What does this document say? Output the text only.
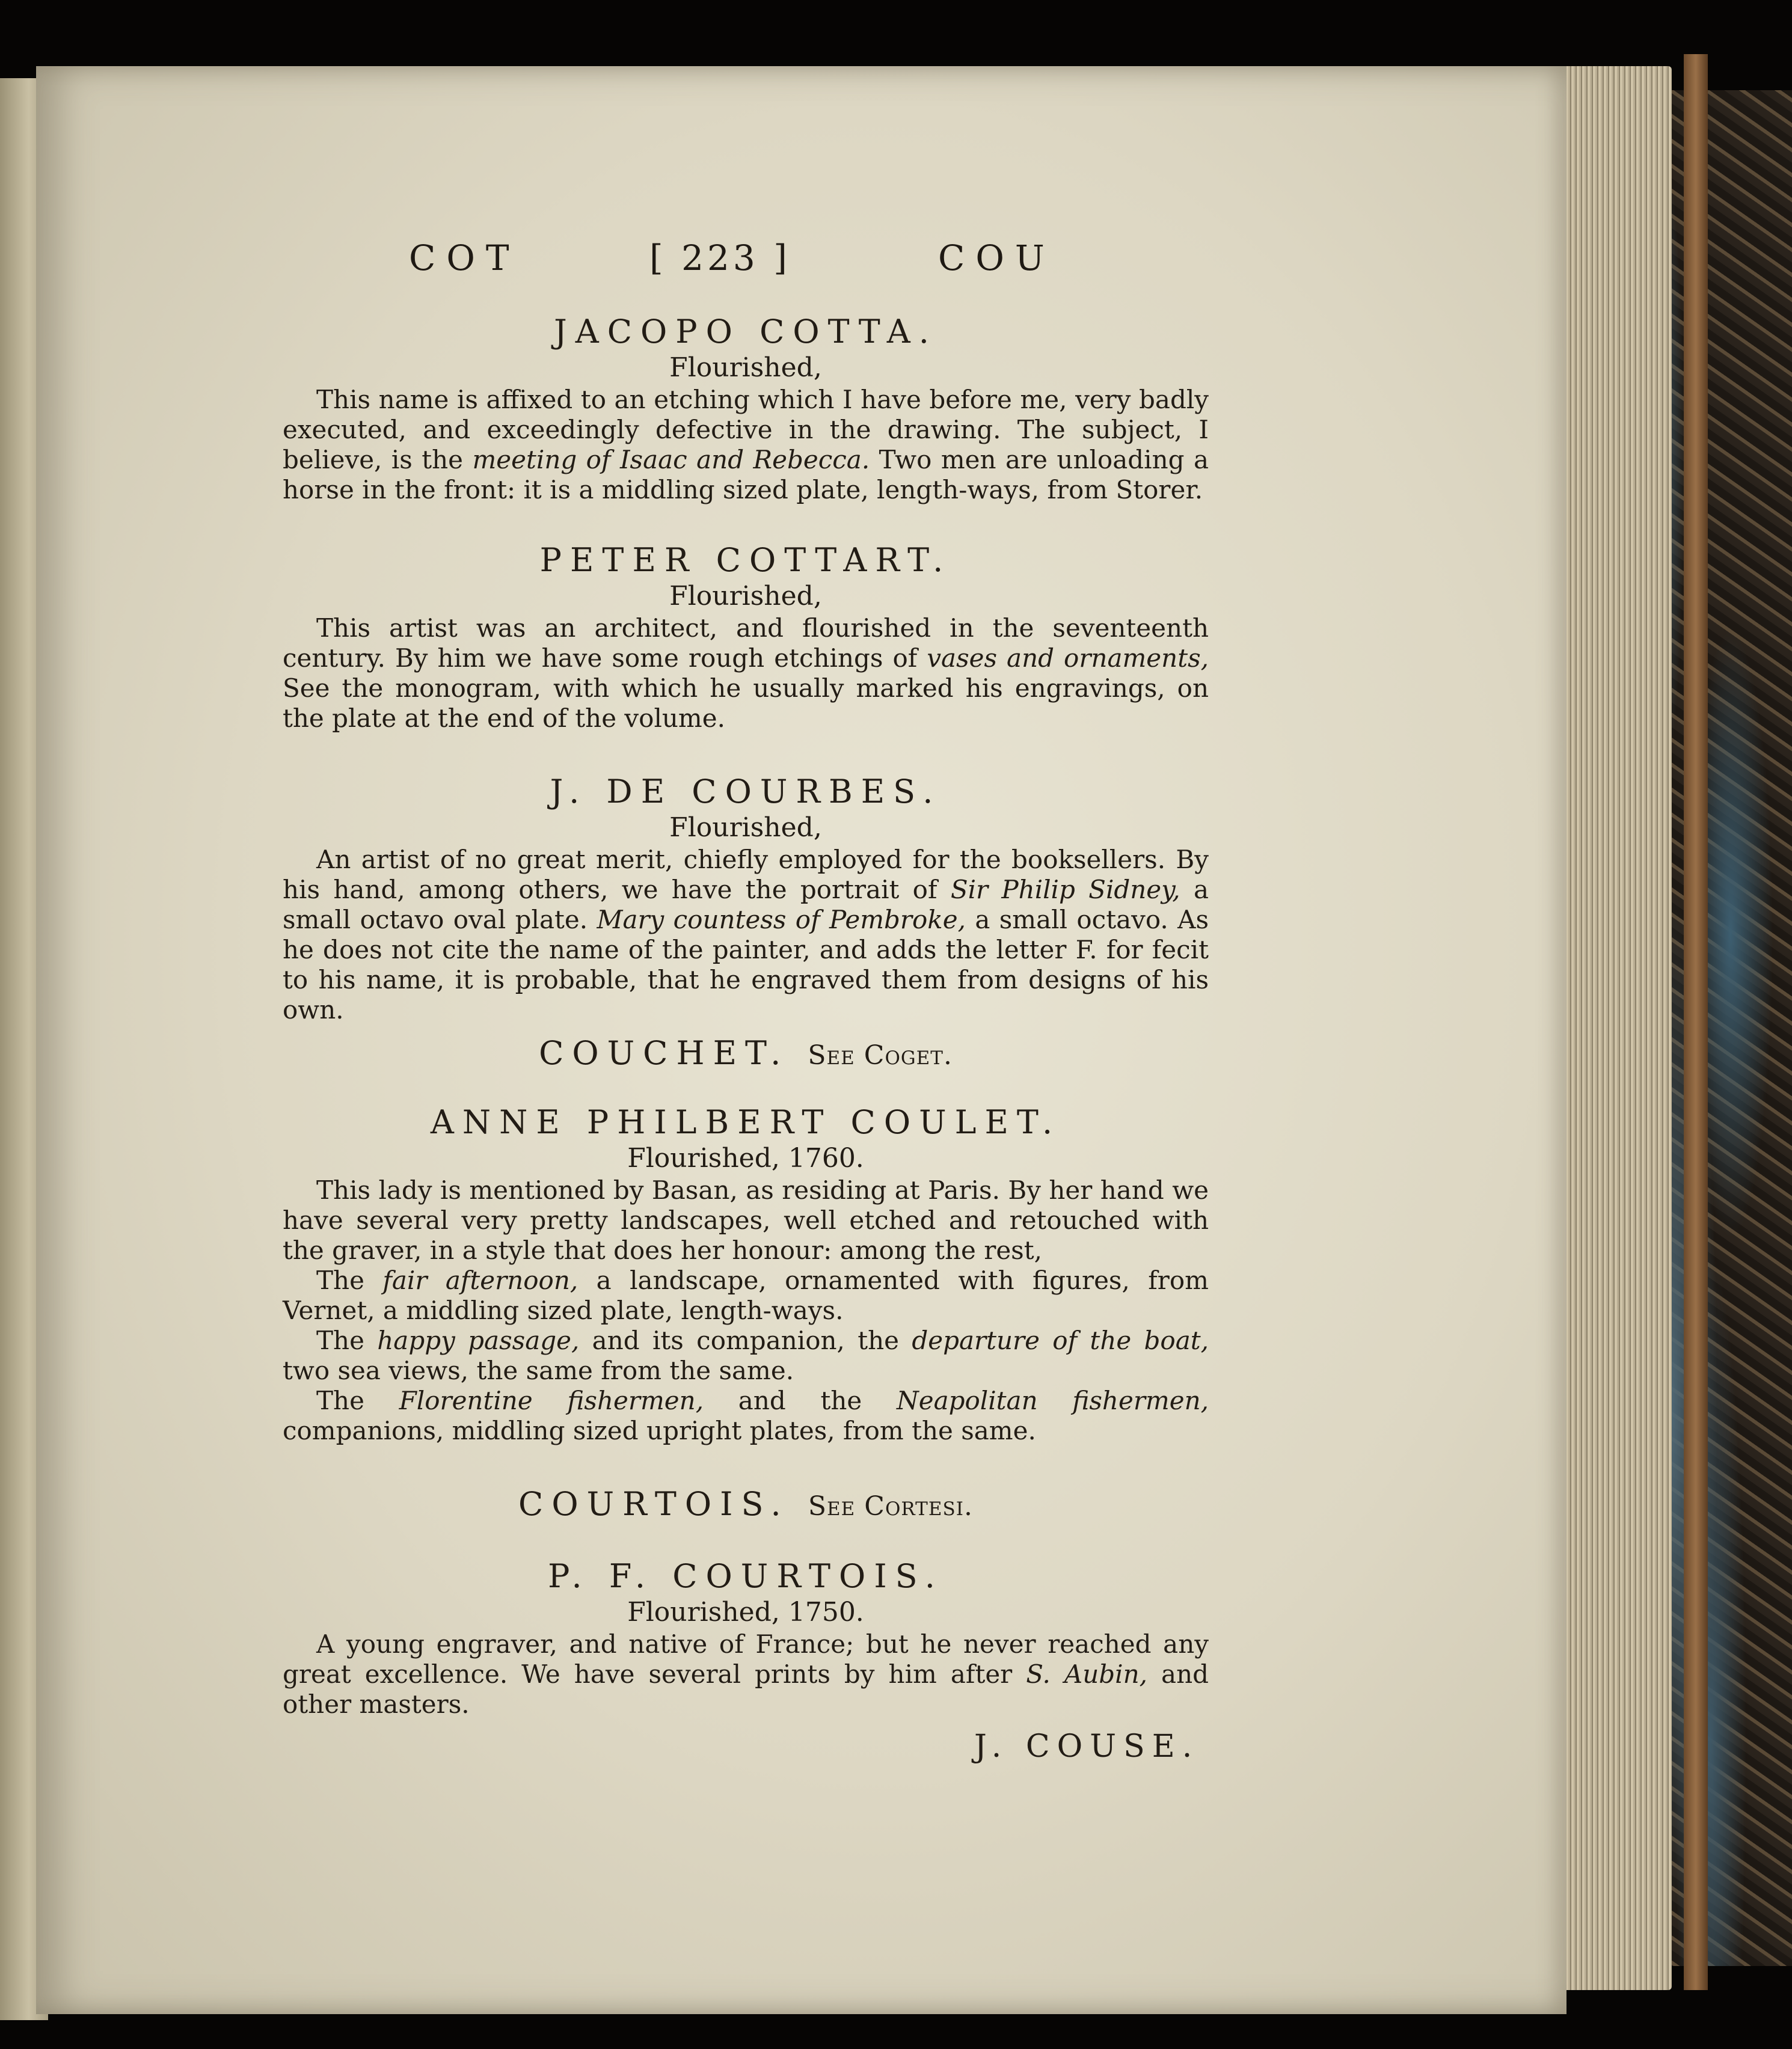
COT	[ 223 ]	COU

JACOPO COTTA.

Flourished,

This name is affixed to an etching which I have before me, very badly executed, and exceedingly defective in the drawing. The subject, I believe, is the meeting of Isaac and Rebecca. Two men are unloading a horse in the front: it is a middling sized plate, length-ways, from Storer.

PETER COTTART.

Flourished,

This artist was an architect, and flourished in the seventeenth century. By him we have some rough etchings of vases and ornaments, See the monogram, with which he usually marked his engravings, on the plate at the end of the volume.

J. DE COURBES.

Flourished,

An artist of no great merit, chiefly employed for the booksellers. By his hand, among others, we have the portrait of Sir Philip Sidney, a small octavo oval plate. Mary countess of Pembroke, a small octavo. As he does not cite the name of the painter, and adds the letter F. for fecit to his name, it is probable, that he engraved them from designs of his own.

COUCHET. See Coget.

ANNE PHILBERT COULET.

Flourished, 1760.

This lady is mentioned by Basan, as residing at Paris. By her hand we have several very pretty landscapes, well etched and retouched with the graver, in a style that does her honour: among the rest,

The fair afternoon, a landscape, ornamented with figures, from Vernet, a middling sized plate, length-ways.

The happy passage, and its companion, the departure of the boat, two sea views, the same from the same.

The Florentine fishermen, and the Neapolitan fishermen, companions, middling sized upright plates, from the same.

COURTOIS. See Cortesi.

P. F. COURTOIS.

Flourished, 1750.

A young engraver, and native of France; but he never reached any great excellence. We have several prints by him after S. Aubin, and other masters.

J. COUSE.
